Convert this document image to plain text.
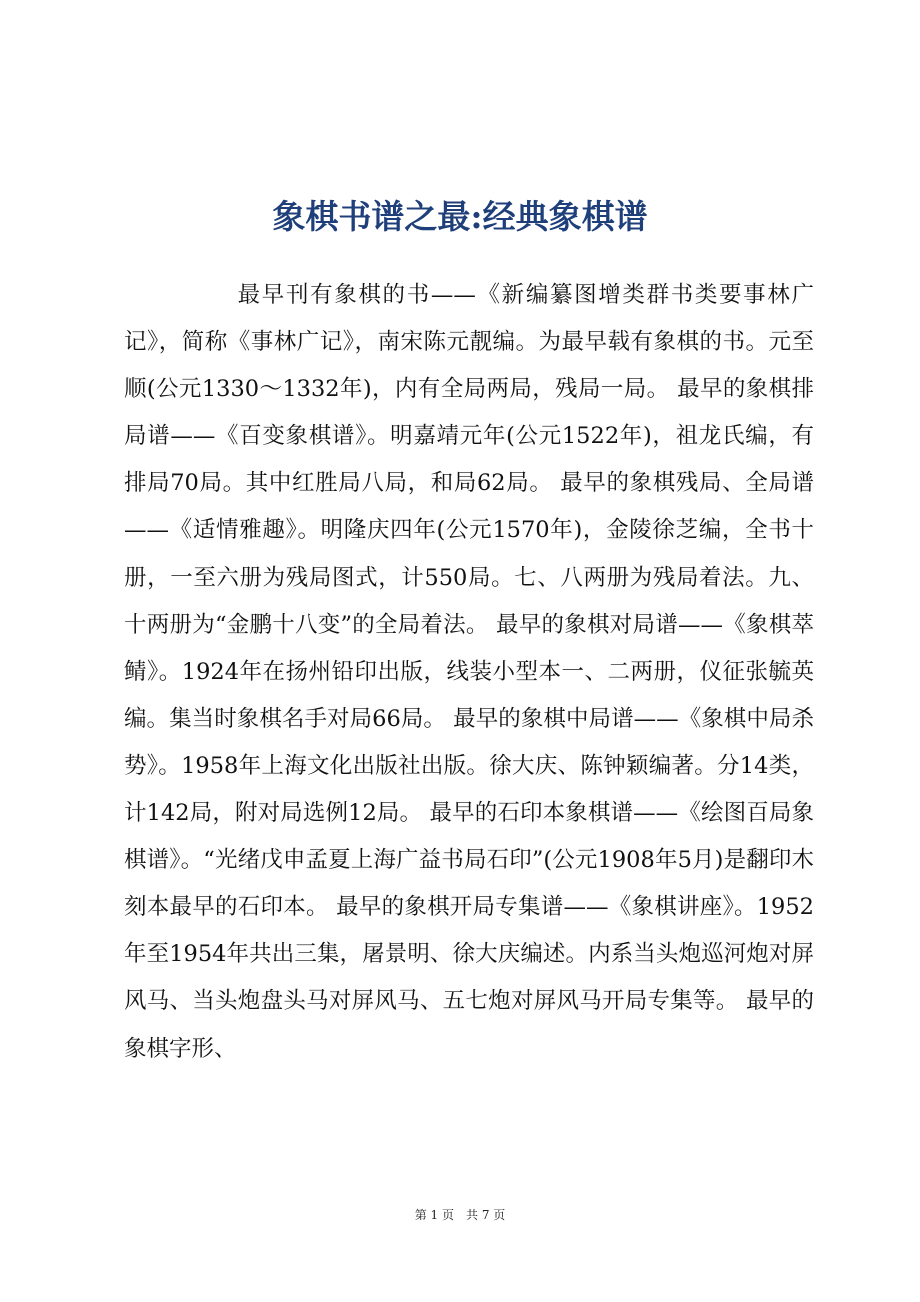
象棋书谱之最:经典象棋谱

最早刊有象棋的书——《新编纂图增类群书类要事林广记》，简称《事林广记》，南宋陈元靓编。为最早载有象棋的书。元至顺(公元1330～1332年)，内有全局两局，残局一局。 最早的象棋排局谱——《百变象棋谱》。明嘉靖元年(公元1522年)，祖龙氏编，有排局70局。其中红胜局八局，和局62局。 最早的象棋残局、全局谱——《适情雅趣》。明隆庆四年(公元1570年)，金陵徐芝编，全书十册，一至六册为残局图式，计550局。七、八两册为残局着法。九、十两册为“金鹏十八变”的全局着法。 最早的象棋对局谱——《象棋萃鲭》。1924年在扬州铅印出版，线装小型本一、二两册，仪征张毓英编。集当时象棋名手对局66局。 最早的象棋中局谱——《象棋中局杀势》。1958年上海文化出版社出版。徐大庆、陈钟颖编著。分14类，计142局，附对局选例12局。 最早的石印本象棋谱——《绘图百局象棋谱》。“光绪戊申孟夏上海广益书局石印”(公元1908年5月)是翻印木刻本最早的石印本。 最早的象棋开局专集谱——《象棋讲座》。1952年至1954年共出三集，屠景明、徐大庆编述。内系当头炮巡河炮对屏风马、当头炮盘头马对屏风马、五七炮对屏风马开局专集等。 最早的象棋字形、

第 1 页　共 7 页
